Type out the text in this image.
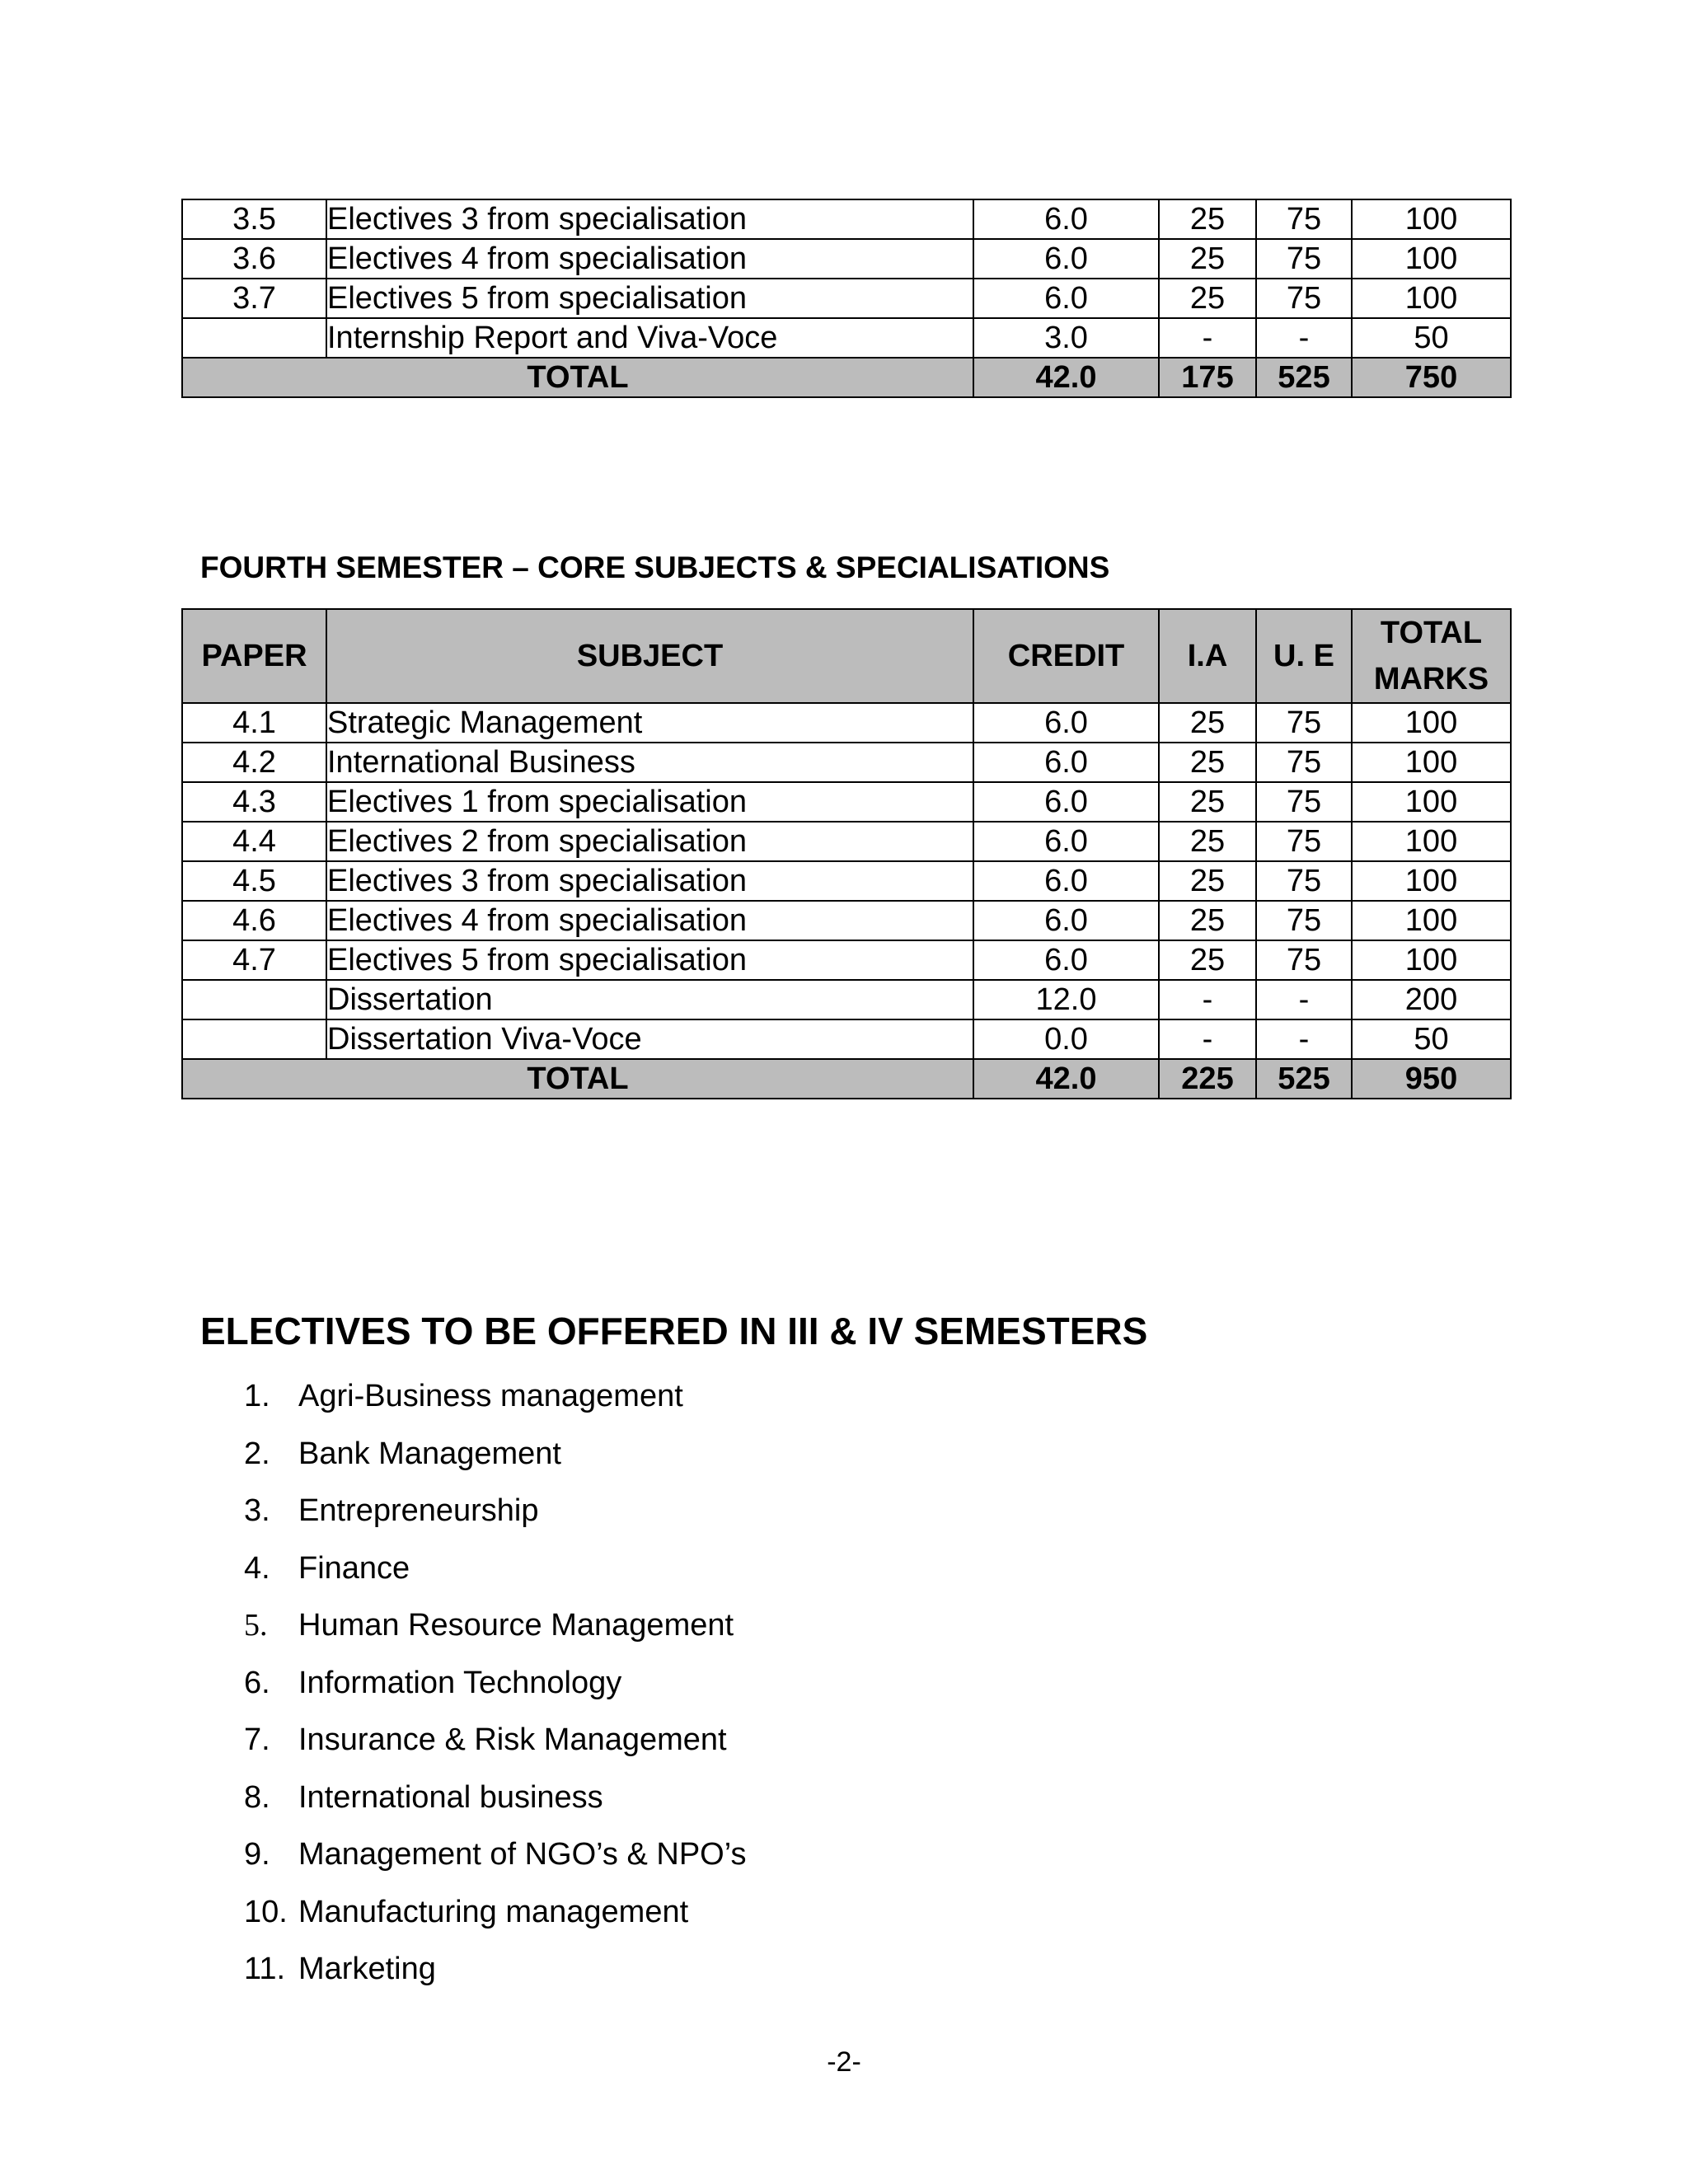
3.5	Electives 3 from specialisation	6.0	25	75	100
3.6	Electives 4 from specialisation	6.0	25	75	100
3.7	Electives 5 from specialisation	6.0	25	75	100
	Internship Report and Viva-Voce	3.0	-	-	50
TOTAL		42.0	175	525	750
FOURTH SEMESTER – CORE SUBJECTS & SPECIALISATIONS
PAPER	SUBJECT	CREDIT	I.A	U. E	TOTAL
MARKS

4.1	Strategic Management	6.0	25	75	100
4.2	International Business	6.0	25	75	100
4.3	Electives 1 from specialisation	6.0	25	75	100
4.4	Electives 2 from specialisation	6.0	25	75	100
4.5	Electives 3 from specialisation	6.0	25	75	100
4.6	Electives 4 from specialisation	6.0	25	75	100
4.7	Electives 5 from specialisation	6.0	25	75	100
	Dissertation	12.0	-	-	200
	Dissertation Viva-Voce	0.0	-	-	50
TOTAL		42.0	225	525	950
ELECTIVES TO BE OFFERED IN III & IV SEMESTERS
1. Agri-Business management
2. Bank Management
3. Entrepreneurship
4. Finance
5. Human Resource Management
6. Information Technology
7. Insurance & Risk Management
8. International business
9. Management of NGO’s & NPO’s
10. Manufacturing management
11. Marketing
-2-
